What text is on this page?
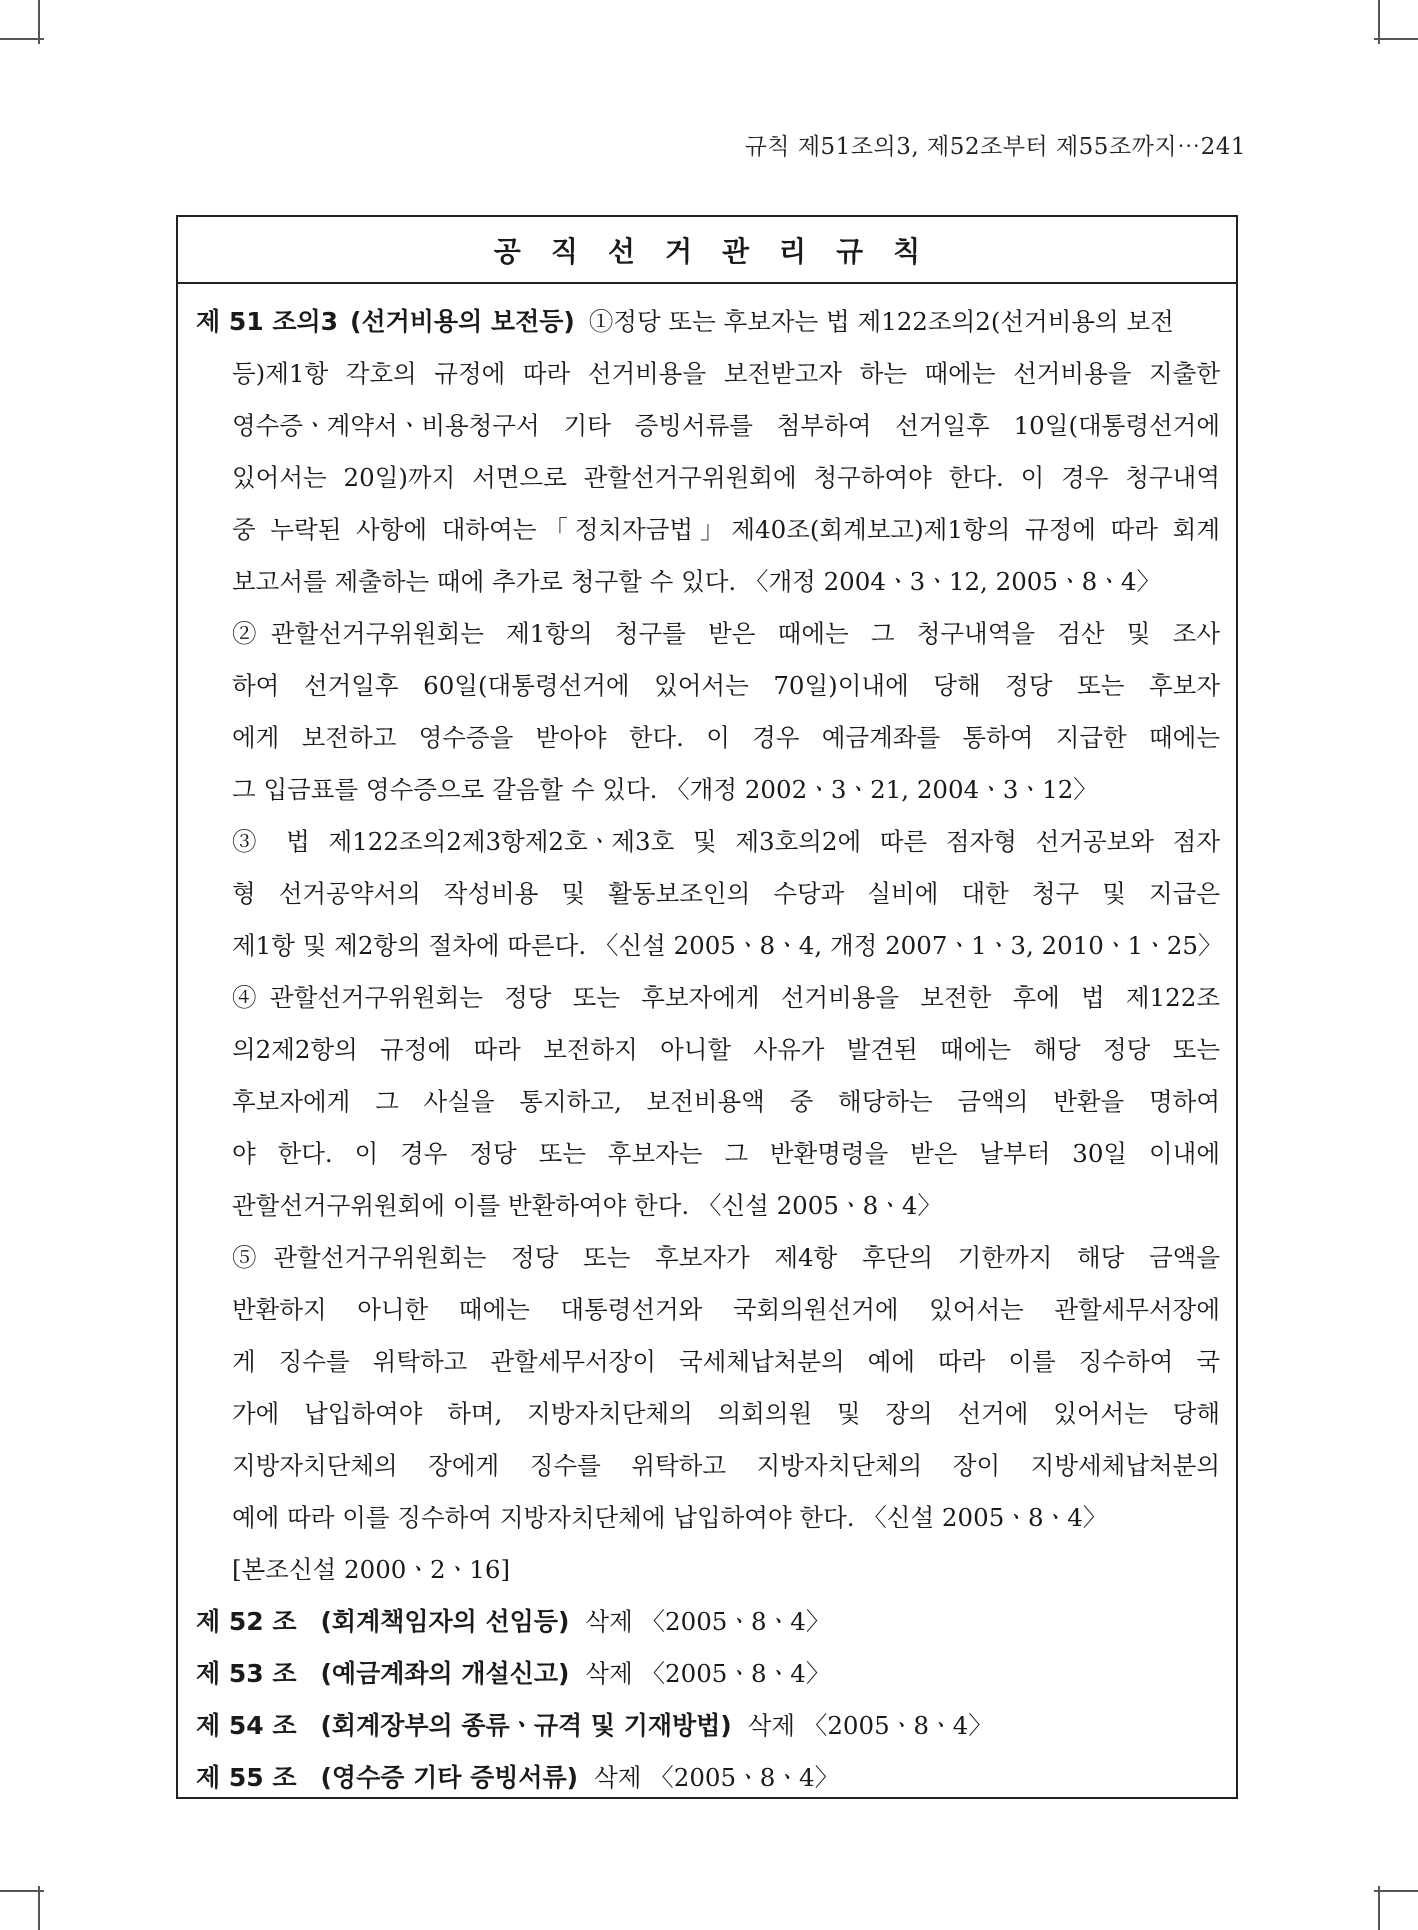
규칙 제51조의3, 제52조부터 제55조까지⋯241
공직선거관리규칙
제 51 조의3 (선거비용의 보전등) ①정당 또는 후보자는 법 제122조의2(선거비용의 보전
등)제1항 각호의 규정에 따라 선거비용을 보전받고자 하는 때에는 선거비용을 지출한
영수증ㆍ계약서ㆍ비용청구서 기타 증빙서류를 첨부하여 선거일후 10일(대통령선거에
있어서는 20일)까지 서면으로 관할선거구위원회에 청구하여야 한다. 이 경우 청구내역
중 누락된 사항에 대하여는「정치자금법」제40조(회계보고)제1항의 규정에 따라 회계
보고서를 제출하는 때에 추가로 청구할 수 있다. 〈개정 2004ㆍ3ㆍ12, 2005ㆍ8ㆍ4〉
②관할선거구위원회는 제1항의 청구를 받은 때에는 그 청구내역을 검산 및 조사
하여 선거일후 60일(대통령선거에 있어서는 70일)이내에 당해 정당 또는 후보자
에게 보전하고 영수증을 받아야 한다. 이 경우 예금계좌를 통하여 지급한 때에는
그 입금표를 영수증으로 갈음할 수 있다. 〈개정 2002ㆍ3ㆍ21, 2004ㆍ3ㆍ12〉
③ 법 제122조의2제3항제2호ㆍ제3호 및 제3호의2에 따른 점자형 선거공보와 점자
형 선거공약서의 작성비용 및 활동보조인의 수당과 실비에 대한 청구 및 지급은
제1항 및 제2항의 절차에 따른다. 〈신설 2005ㆍ8ㆍ4, 개정 2007ㆍ1ㆍ3, 2010ㆍ1ㆍ25〉
④관할선거구위원회는 정당 또는 후보자에게 선거비용을 보전한 후에 법 제122조
의2제2항의 규정에 따라 보전하지 아니할 사유가 발견된 때에는 해당 정당 또는
후보자에게 그 사실을 통지하고, 보전비용액 중 해당하는 금액의 반환을 명하여
야 한다. 이 경우 정당 또는 후보자는 그 반환명령을 받은 날부터 30일 이내에
관할선거구위원회에 이를 반환하여야 한다. 〈신설 2005ㆍ8ㆍ4〉
⑤관할선거구위원회는 정당 또는 후보자가 제4항 후단의 기한까지 해당 금액을
반환하지 아니한 때에는 대통령선거와 국회의원선거에 있어서는 관할세무서장에
게 징수를 위탁하고 관할세무서장이 국세체납처분의 예에 따라 이를 징수하여 국
가에 납입하여야 하며, 지방자치단체의 의회의원 및 장의 선거에 있어서는 당해
지방자치단체의 장에게 징수를 위탁하고 지방자치단체의 장이 지방세체납처분의
예에 따라 이를 징수하여 지방자치단체에 납입하여야 한다. 〈신설 2005ㆍ8ㆍ4〉
[본조신설 2000ㆍ2ㆍ16]
제 52 조 (회계책임자의 선임등) 삭제 〈2005ㆍ8ㆍ4〉
제 53 조 (예금계좌의 개설신고) 삭제 〈2005ㆍ8ㆍ4〉
제 54 조 (회계장부의 종류ㆍ규격 및 기재방법) 삭제 〈2005ㆍ8ㆍ4〉
제 55 조 (영수증 기타 증빙서류) 삭제 〈2005ㆍ8ㆍ4〉
